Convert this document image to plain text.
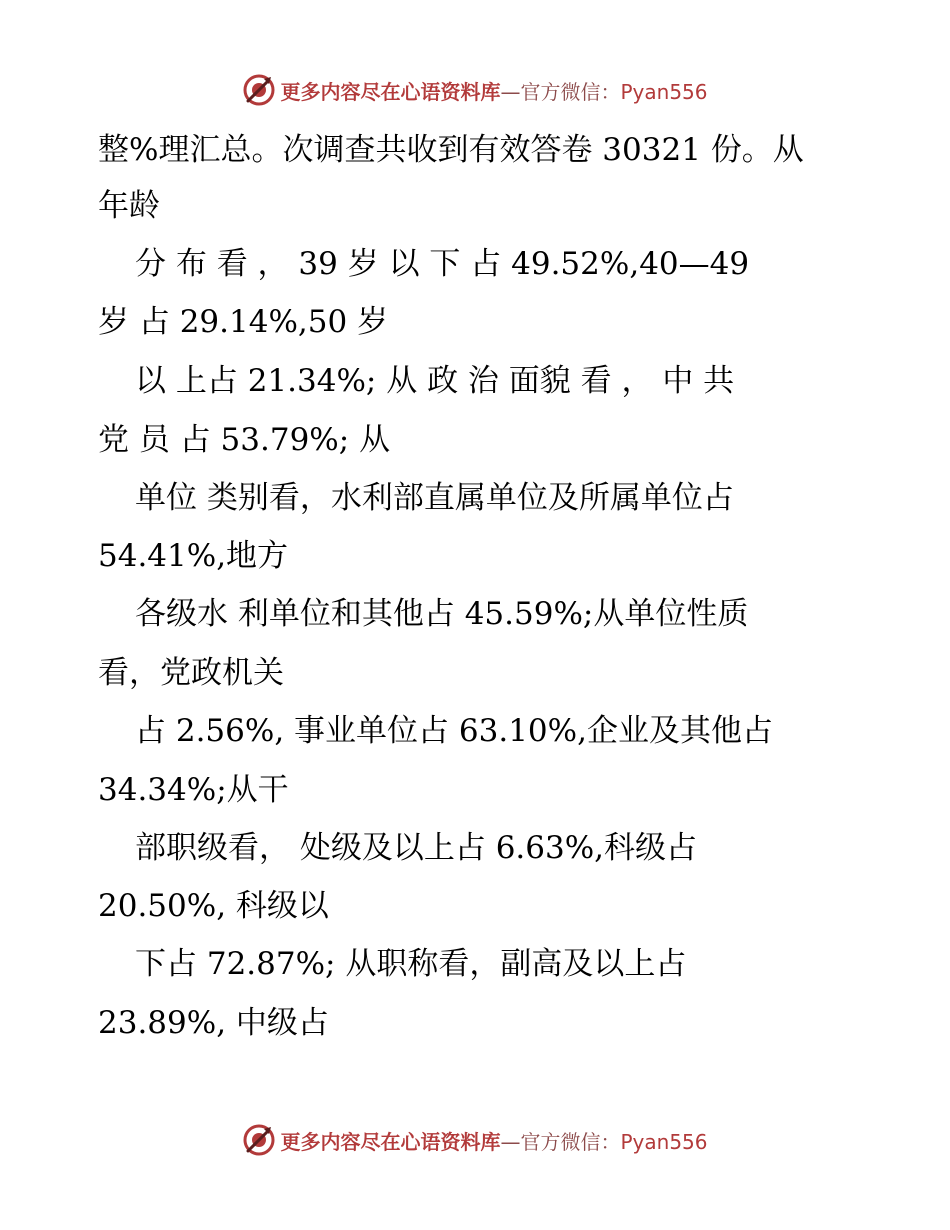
更多内容尽在心语资料库—官方微信：Pyan556
整%理汇总。次调查共收到有效答卷 30321 份。从
年龄
分 布 看 ， 39 岁 以 下 占 49.52%,40—49
岁 占 29.14%,50 岁
以 上占 21.34%; 从 政 治 面貌 看 ， 中 共
党 员 占 53.79%; 从
单位 类别看，水利部直属单位及所属单位占
54.41%,地方
各级水 利单位和其他占 45.59%;从单位性质
看，党政机关
占 2.56%, 事业单位占 63.10%,企业及其他占
34.34%;从干
部职级看， 处级及以上占 6.63%,科级占
20.50%, 科级以
下占 72.87%; 从职称看，副高及以上占
23.89%, 中级占
更多内容尽在心语资料库—官方微信：Pyan556
